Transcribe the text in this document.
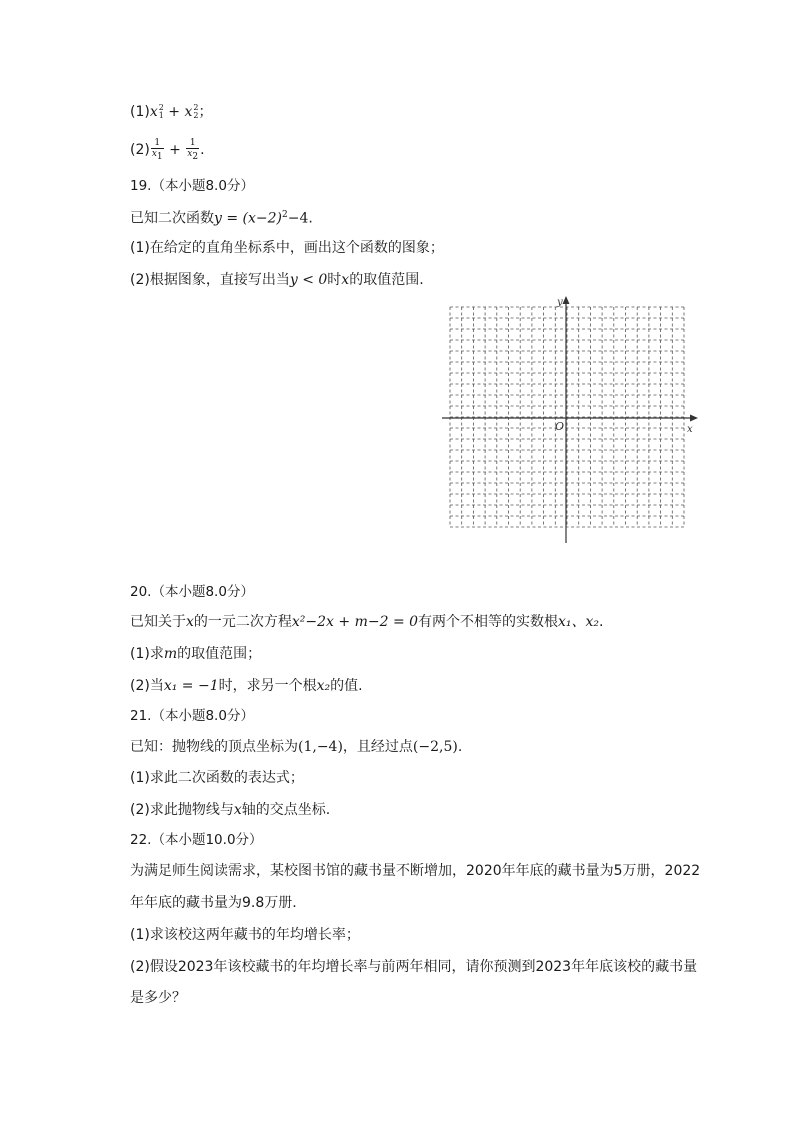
(1)x 2
1 + x 2
2 ；
$(2) \frac{1}{x_1} + \frac{1}{x_2}$ .
19.（本小题8.0分）
已知二次函数$y = (x-2)^2-4$.
(1)在给定的直角坐标系中，画出这个函数的图象；
(2)根据图象，直接写出当y < 0时x的取值范围.
x
y
O
20.（本小题8.0分）
已知关于x的一元二次方程x²−2x + m−2 = 0有两个不相等的实数根x₁、x₂.
(1)求m的取值范围；
(2)当x₁ = −1时，求另一个根x₂的值.
21.（本小题8.0分）
已知：抛物线的顶点坐标为(1,−4)，且经过点(−2,5).
(1)求此二次函数的表达式；
(2)求此抛物线与x轴的交点坐标.
22.（本小题10.0分）
为满足师生阅读需求，某校图书馆的藏书量不断增加，2020年年底的藏书量为5万册，2022
年年底的藏书量为9.8万册.
(1)求该校这两年藏书的年均增长率；
(2)假设2023年该校藏书的年均增长率与前两年相同，请你预测到2023年年底该校的藏书量
是多少？
